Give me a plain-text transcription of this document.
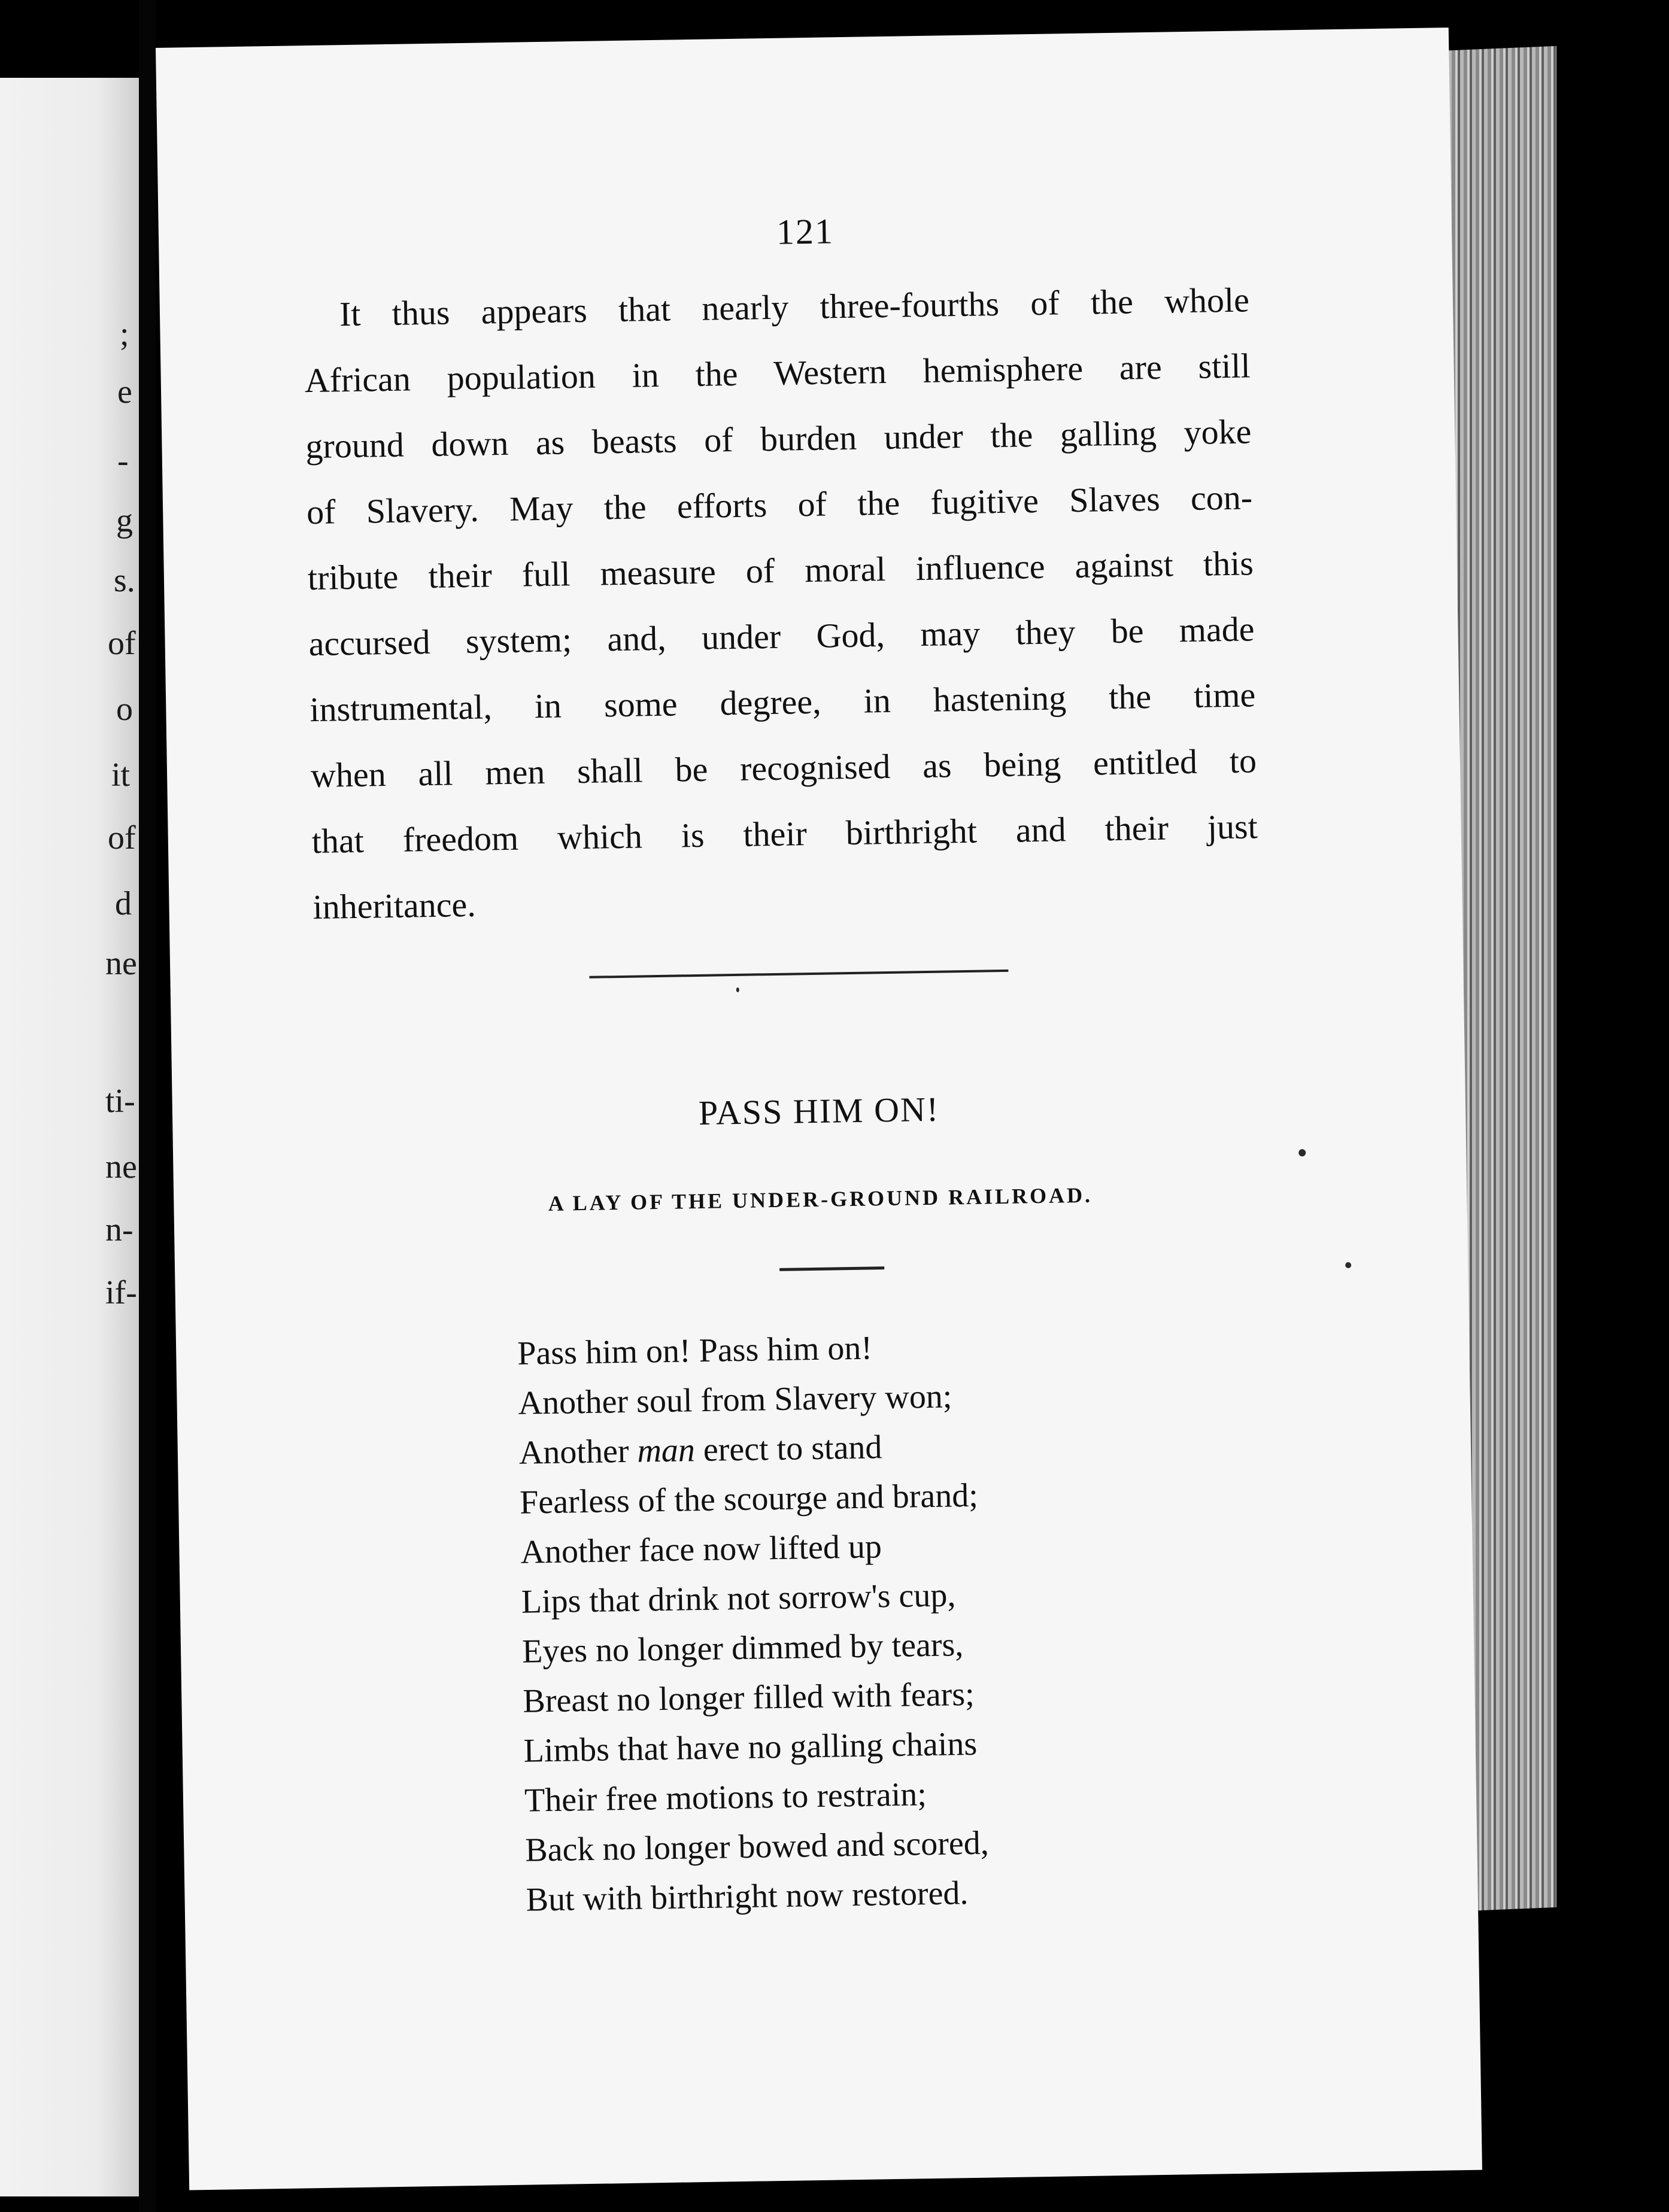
;
e
-
g
s.
of
o
it
of
d
ne
ti-
ne
n-
if-
121
It thus appears that nearly three-fourths of the whole
African population in the Western hemisphere are still
ground down as beasts of burden under the galling yoke
of Slavery. May the efforts of the fugitive Slaves con-
tribute their full measure of moral influence against this
accursed system; and, under God, may they be made
instrumental, in some degree, in hastening the time
when all men shall be recognised as being entitled to
that freedom which is their birthright and their just
inheritance.
PASS HIM ON!
A LAY OF THE UNDER-GROUND RAILROAD.
Pass him on! Pass him on!
Another soul from Slavery won;
Another man erect to stand
Fearless of the scourge and brand;
Another face now lifted up
Lips that drink not sorrow's cup,
Eyes no longer dimmed by tears,
Breast no longer filled with fears;
Limbs that have no galling chains
Their free motions to restrain;
Back no longer bowed and scored,
But with birthright now restored.
